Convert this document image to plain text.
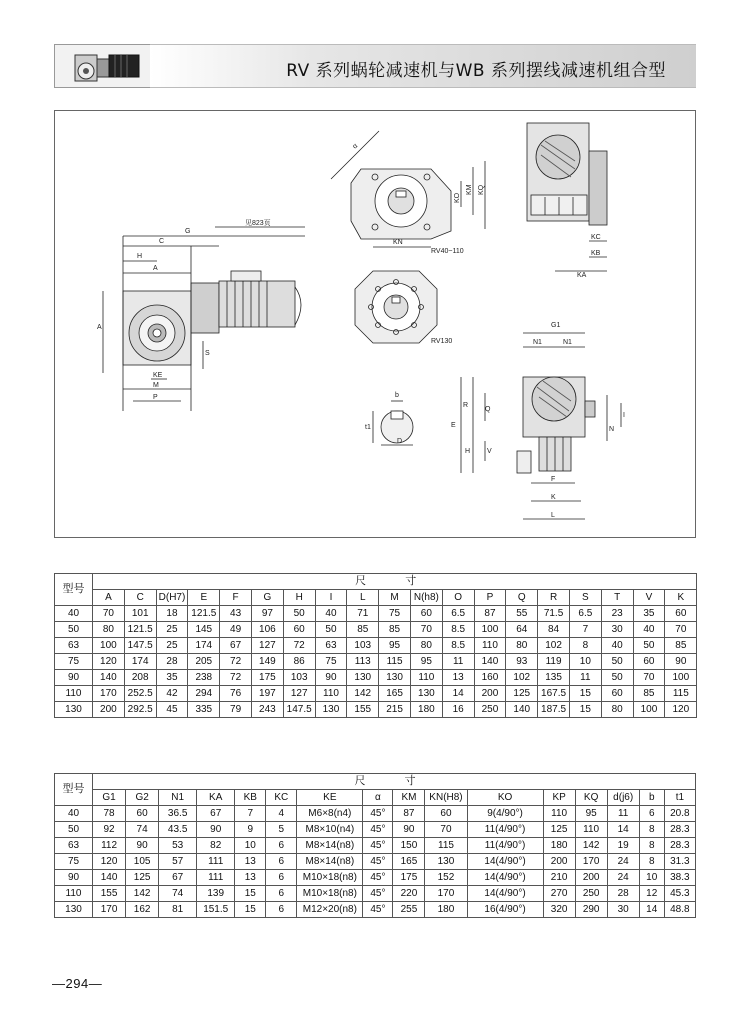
RV 系列蜗轮减速机与WB 系列摆线减速机组合型
见823页
G
C
H
A
A
S
KE
M
P
α
KN
KO
KM KQ
RV40~110
KC
KB
KA
RV130
b
t1
D
G1
N1	N1
R
Q
E
H V
N
I
F
K
L
型号	尺 寸																		
	A	C	D(H7)	E	F	G	H	I	L	M	N(h8)	O	P	Q	R	S	T	V	K
40	70	101	18	121.5	43	97	50	40	71	75	60	6.5	87	55	71.5	6.5	23	35	60
50	80	121.5	25	145	49	106	60	50	85	85	70	8.5	100	64	84	7	30	40	70
63	100	147.5	25	174	67	127	72	63	103	95	80	8.5	110	80	102	8	40	50	85
75	120	174	28	205	72	149	86	75	113	115	95	11	140	93	119	10	50	60	90
90	140	208	35	238	72	175	103	90	130	130	110	13	160	102	135	11	50	70	100
110	170	252.5	42	294	76	197	127	110	142	165	130	14	200	125	167.5	15	60	85	115
130	200	292.5	45	335	79	243	147.5	130	155	215	180	16	250	140	187.5	15	80	100	120
型号	尺 寸															
	G1	G2	N1	KA	KB	KC	KE	α	KM	KN(H8)	KO	KP	KQ	d(j6)	b	t1
40	78	60	36.5	67	7	4	M6×8(n4)	45°	87	60	9(4/90°)	110	95	11	6	20.8
50	92	74	43.5	90	9	5	M8×10(n4)	45°	90	70	11(4/90°)	125	110	14	8	28.3
63	112	90	53	82	10	6	M8×14(n8)	45°	150	115	11(4/90°)	180	142	19	8	28.3
75	120	105	57	111	13	6	M8×14(n8)	45°	165	130	14(4/90°)	200	170	24	8	31.3
90	140	125	67	111	13	6	M10×18(n8)	45°	175	152	14(4/90°)	210	200	24	10	38.3
110	155	142	74	139	15	6	M10×18(n8)	45°	220	170	14(4/90°)	270	250	28	12	45.3
130	170	162	81	151.5	15	6	M12×20(n8)	45°	255	180	16(4/90°)	320	290	30	14	48.8
—294—
